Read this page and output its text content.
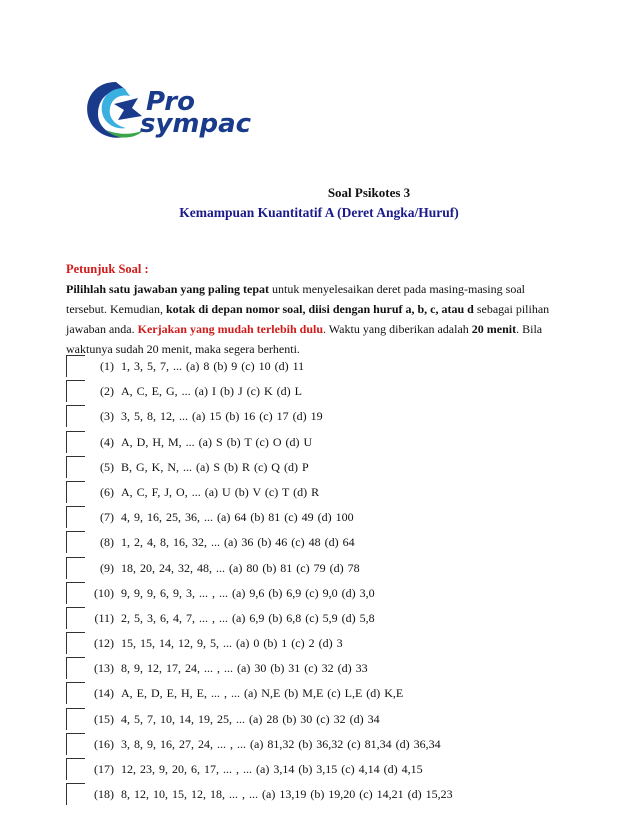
Pro
sympac
Soal Psikotes 3
Kemampuan Kuantitatif A (Deret Angka/Huruf)
Petunjuk Soal :

Pilihlah satu jawaban yang paling tepat untuk menyelesaikan deret pada masing-masing soal tersebut. Kemudian, kotak di depan nomor soal, diisi dengan huruf a, b, c, atau d sebagai pilihan jawaban anda. Kerjakan yang mudah terlebih dulu. Waktu yang diberikan adalah 20 menit. Bila waktunya sudah 20 menit, maka segera berhenti.

(1) 1, 3, 5, 7, ... (a) 8 (b) 9 (c) 10 (d) 11
(2) A, C, E, G, ... (a) I (b) J (c) K (d) L
(3) 3, 5, 8, 12, ... (a) 15 (b) 16 (c) 17 (d) 19
(4) A, D, H, M, ... (a) S (b) T (c) O (d) U
(5) B, G, K, N, ... (a) S (b) R (c) Q (d) P
(6) A, C, F, J, O, ... (a) U (b) V (c) T (d) R
(7) 4, 9, 16, 25, 36, ... (a) 64 (b) 81 (c) 49 (d) 100
(8) 1, 2, 4, 8, 16, 32, ... (a) 36 (b) 46 (c) 48 (d) 64
(9) 18, 20, 24, 32, 48, ... (a) 80 (b) 81 (c) 79 (d) 78
(10) 9, 9, 9, 6, 9, 3, ... , ... (a) 9,6 (b) 6,9 (c) 9,0 (d) 3,0
(11) 2, 5, 3, 6, 4, 7, ... , ... (a) 6,9 (b) 6,8 (c) 5,9 (d) 5,8
(12) 15, 15, 14, 12, 9, 5, ... (a) 0 (b) 1 (c) 2 (d) 3
(13) 8, 9, 12, 17, 24, ... , ... (a) 30 (b) 31 (c) 32 (d) 33
(14) A, E, D, E, H, E, ... , ... (a) N,E (b) M,E (c) L,E (d) K,E
(15) 4, 5, 7, 10, 14, 19, 25, ... (a) 28 (b) 30 (c) 32 (d) 34
(16) 3, 8, 9, 16, 27, 24, ... , ... (a) 81,32 (b) 36,32 (c) 81,34 (d) 36,34
(17) 12, 23, 9, 20, 6, 17, ... , ... (a) 3,14 (b) 3,15 (c) 4,14 (d) 4,15
(18) 8, 12, 10, 15, 12, 18, ... , ... (a) 13,19 (b) 19,20 (c) 14,21 (d) 15,23
